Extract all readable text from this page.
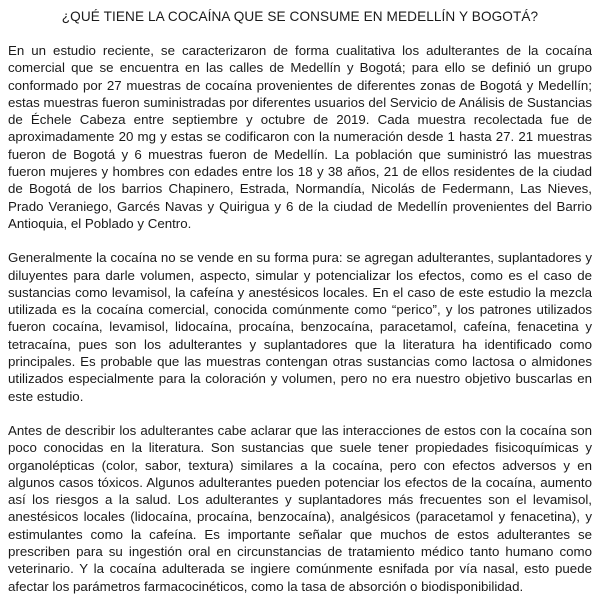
¿QUÉ TIENE LA COCAÍNA QUE SE CONSUME EN MEDELLÍN Y BOGOTÁ?

En un estudio reciente, se caracterizaron de forma cualitativa los adulterantes de la cocaína comercial que se encuentra en las calles de Medellín y Bogotá; para ello se definió un grupo conformado por 27 muestras de cocaína provenientes de diferentes zonas de Bogotá y Medellín; estas muestras fueron suministradas por diferentes usuarios del Servicio de Análisis de Sustancias de Échele Cabeza entre septiembre y octubre de 2019. Cada muestra recolectada fue de aproximadamente 20 mg y estas se codificaron con la numeración desde 1 hasta 27. 21 muestras fueron de Bogotá y 6 muestras fueron de Medellín. La población que suministró las muestras fueron mujeres y hombres con edades entre los 18 y 38 años, 21 de ellos residentes de la ciudad de Bogotá de los barrios Chapinero, Estrada, Normandía, Nicolás de Federmann, Las Nieves, Prado Veraniego, Garcés Navas y Quirigua y 6 de la ciudad de Medellín provenientes del Barrio Antioquia, el Poblado y Centro.

Generalmente la cocaína no se vende en su forma pura: se agregan adulterantes, suplantadores y diluyentes para darle volumen, aspecto, simular y potencializar los efectos, como es el caso de sustancias como levamisol, la cafeína y anestésicos locales. En el caso de este estudio la mezcla utilizada es la cocaína comercial, conocida comúnmente como “perico”, y los patrones utilizados fueron cocaína, levamisol, lidocaína, procaína, benzocaína, paracetamol, cafeína, fenacetina y tetracaína, pues son los adulterantes y suplantadores que la literatura ha identificado como principales. Es probable que las muestras contengan otras sustancias como lactosa o almidones utilizados especialmente para la coloración y volumen, pero no era nuestro objetivo buscarlas en este estudio.

Antes de describir los adulterantes cabe aclarar que las interacciones de estos con la cocaína son poco conocidas en la literatura. Son sustancias que suele tener propiedades fisicoquímicas y organolépticas (color, sabor, textura) similares a la cocaína, pero con efectos adversos y en algunos casos tóxicos. Algunos adulterantes pueden potenciar los efectos de la cocaína, aumento así los riesgos a la salud. Los adulterantes y suplantadores más frecuentes son el levamisol, anestésicos locales (lidocaína, procaína, benzocaína), analgésicos (paracetamol y fenacetina), y estimulantes como la cafeína. Es importante señalar que muchos de estos adulterantes se prescriben para su ingestión oral en circunstancias de tratamiento médico tanto humano como veterinario. Y la cocaína adulterada se ingiere comúnmente esnifada por vía nasal, esto puede afectar los parámetros farmacocinéticos, como la tasa de absorción o biodisponibilidad.
